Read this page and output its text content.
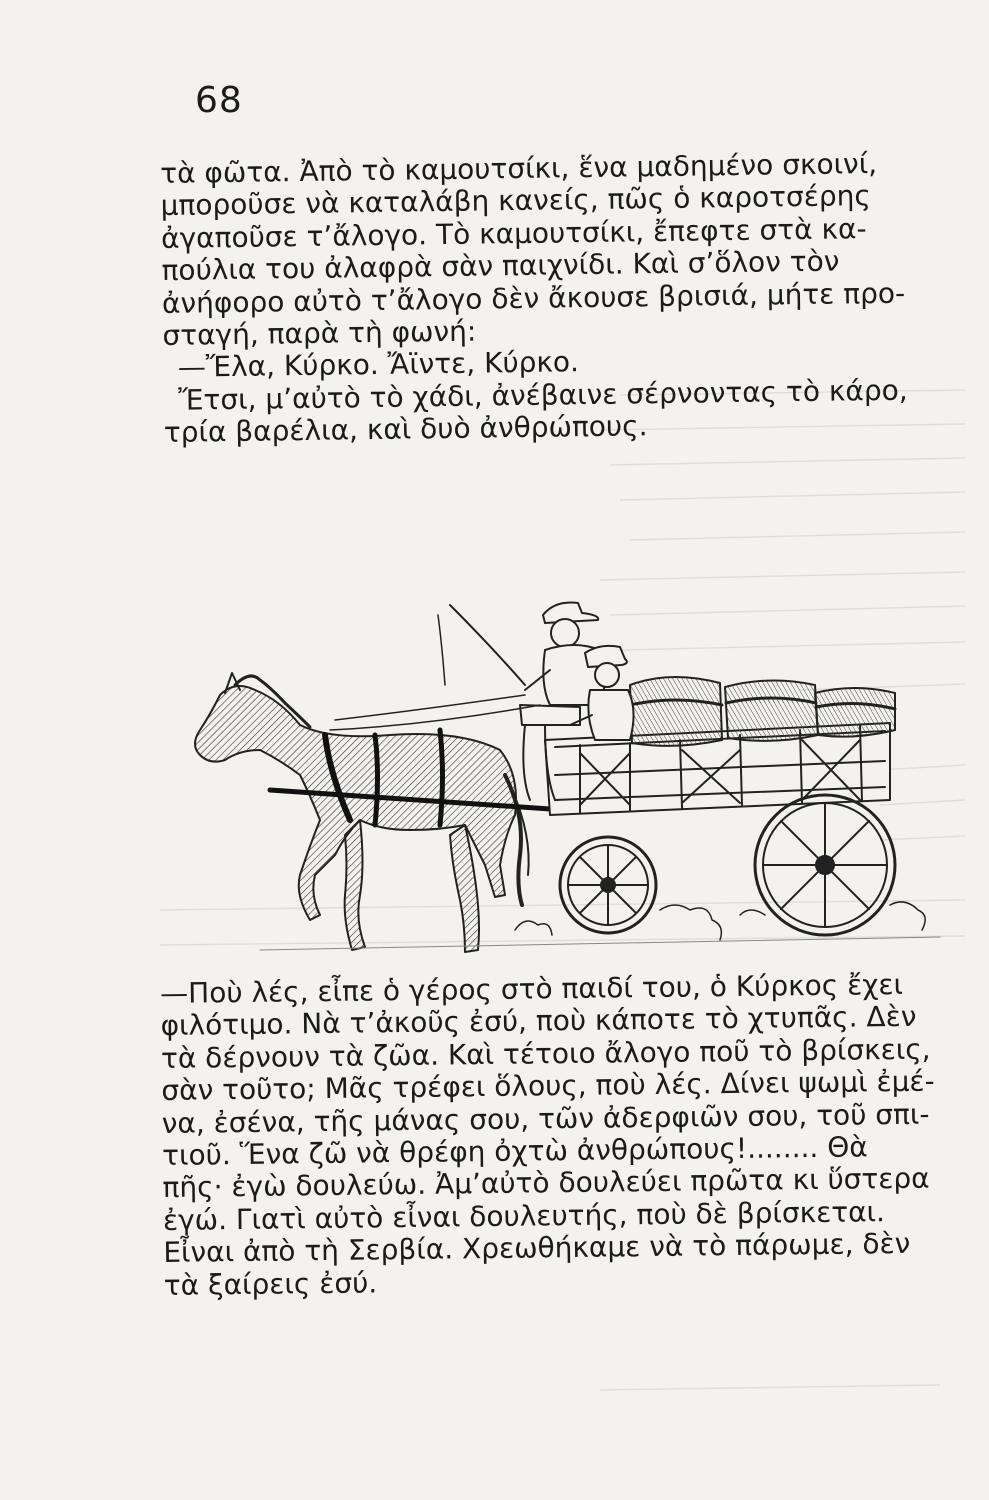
68
τὰ φῶτα. Ἀπὸ τὸ καμουτσίκι, ἕνα μαδημένο σκοινί,
μποροῦσε νὰ καταλάβη κανείς, πῶς ὁ καροτσέρης
ἀγαποῦσε τ’ἄλογο. Τὸ καμουτσίκι, ἔπεφτε στὰ κα-
πούλια του ἀλαφρὰ σὰν παιχνίδι. Καὶ σ’ὅλον τὸν
ἀνήφορο αὐτὸ τ’ἄλογο δὲν ἄκουσε βρισιά, μήτε προ-
σταγή, παρὰ τὴ φωνή:
—Ἔλα, Κύρκο. Ἄϊντε, Κύρκο.
Ἔτσι, μ’αὐτὸ τὸ χάδι, ἀνέβαινε σέρνοντας τὸ κάρο,
τρία βαρέλια, καὶ δυὸ ἀνθρώπους.
—Ποὺ λές, εἶπε ὁ γέρος στὸ παιδί του, ὁ Κύρκος ἔχει
φιλότιμο. Νὰ τ’ἀκοῦς ἐσύ, ποὺ κάποτε τὸ χτυπᾶς. Δὲν
τὰ δέρνουν τὰ ζῶα. Καὶ τέτοιο ἄλογο ποῦ τὸ βρίσκεις,
σὰν τοῦτο; Μᾶς τρέφει ὅλους, ποὺ λές. Δίνει ψωμὶ ἐμέ-
να, ἐσένα, τῆς μάνας σου, τῶν ἀδερφιῶν σου, τοῦ σπι-
τιοῦ. Ἕνα ζῶ νὰ θρέφη ὀχτὼ ἀνθρώπους!........ Θὰ
πῆς· ἐγὼ δουλεύω. Ἀμ’αὐτὸ δουλεύει πρῶτα κι ὕστερα
ἐγώ. Γιατὶ αὐτὸ εἶναι δουλευτής, ποὺ δὲ βρίσκεται.
Εἶναι ἀπὸ τὴ Σερβία. Χρεωθήκαμε νὰ τὸ πάρωμε, δὲν
τὰ ξαίρεις ἐσύ.
